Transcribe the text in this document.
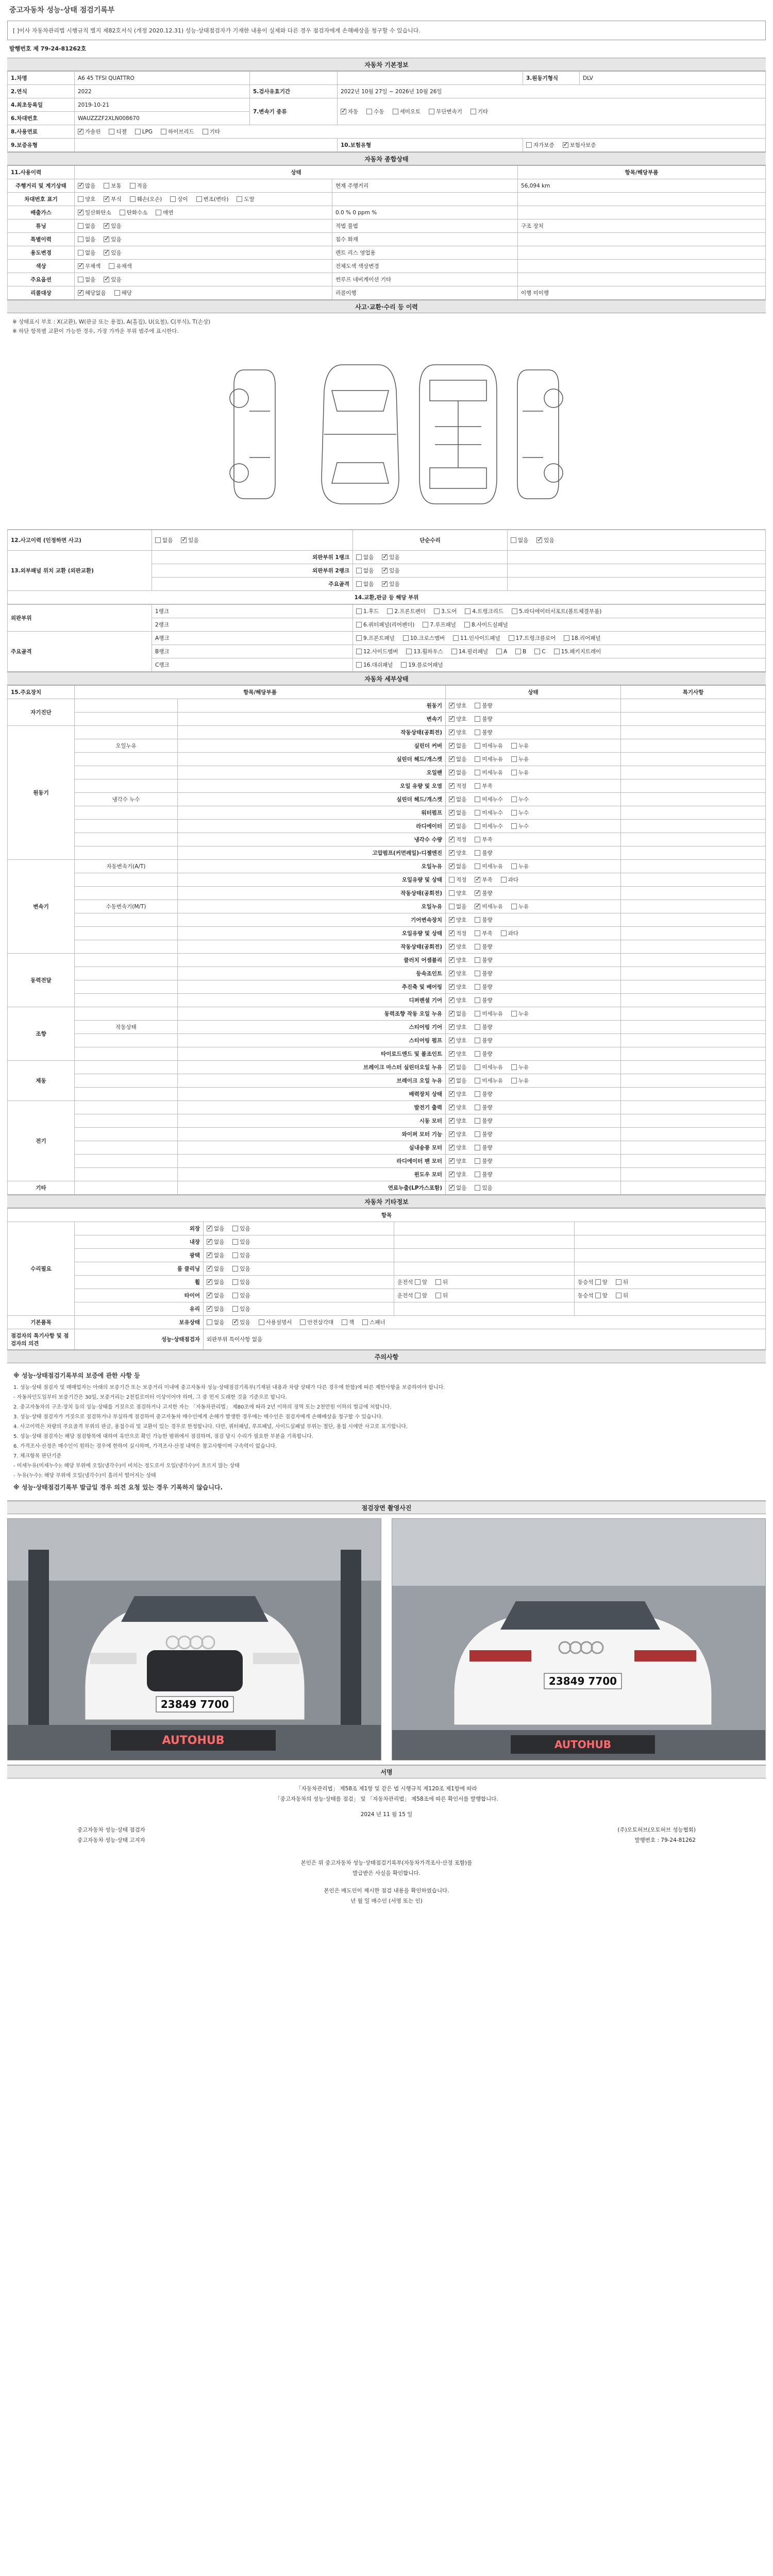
중고자동차 성능·상태 점검기록부
[ ]이사 자동차관리법 시행규칙 별지 제82호서식 (개정 2020.12.31) 성능·상태점검자가 기재한 내용이 실제와 다른 경우 점검자에게 손해배상을 청구할 수 있습니다.
발행번호 제 79-24-81262호
자동차 기본정보
1.차명	A6 45 TFSI QUATTRO			3.원동기형식	DLV
2.연식	2022	5.검사유효기간	2022년 10월 27일 ~ 2026년 10월 26일		
4.최초등록일	2019-10-21	7.변속기 종류	✓자동 수동 세미오토 무단변속기 기타
6.차대번호	WAUZZZF2XLN008670				
8.사용연료	✓가솔린 디젤 LPG 하이브리드 기타
9.보증유형			10.보험유형	자가보증 ✓ 보험사보증
자동차 종합상태
11.사용이력	상태		항목/해당부품
주행거리 및 계기상태	✓많음 보통 적음	현재 주행거리	56,094 km
차대번호 표기	양호 ✓ 부식 훼손(오손) 상이 변조(변타) 도말		
배출가스	✓일산화탄소 탄화수소 매연	0.0 % 0 ppm %	
튜닝	없음 ✓ 있음	적법 불법	구조 장치
특별이력	없음 ✓ 있음	침수 화재	
용도변경	없음 ✓ 있음	렌트 리스 영업용	
색상	✓무채색 유채색	전체도색 색상변경	
주요옵션	없음 ✓ 있음	썬루프 네비게이션 기타	
리콜대상	✓해당없음 해당	리콜이행	이행 미이행
사고·교환·수리 등 이력
※ 상태표시 부호 : X(교환), W(판금 또는 용접), A(흠집), U(요철), C(부식), T(손상)
※ 하단 항목별 교환이 가능한 경우, 가장 가까운 부위 범주에 표시한다.
12.사고이력 (인정하면 사고)	없음 ✓ 있음	단순수리	없음 ✓ 있음
13.외부패널 위치 교환 (외판교환)	외판부위 1랭크	없음 ✓ 있음	
	외판부위 2랭크	없음 ✓ 있음	
	주요골격	없음 ✓ 있음	
14.교환,판금 등 해당 부위			
외판부위	1랭크	1.후드 2.프론트펜더 3.도어 4.트렁크리드 5.라디에이터서포트(볼트체결부품)
	2랭크	6.쿼터패널(리어펜더) 7.루프패널 8.사이드실패널
주요골격	A랭크	9.프론트패널 10.크로스멤버 11.인사이드패널 17.트렁크플로어 18.리어패널
	B랭크	12.사이드멤버 13.휠하우스 14.필러패널 A B C 15.패키지트레이
	C랭크	16.대쉬패널 19.플로어패널
자동차 세부상태
15.주요장치	항목/해당부품		상태	특기사항
자기진단		원동기	✓양호 불량	
		변속기	✓양호 불량	
원동기		작동상태(공회전)	✓양호 불량	
	오일누유	실린더 커버	✓없음 미세누유 누유	
		실린더 헤드/개스켓	✓없음 미세누유 누유	
		오일팬	✓없음 미세누유 누유	
		오일 유량 및 오염	✓적정 부족	
	냉각수 누수	실린더 헤드/개스켓	✓없음 미세누수 누수	
		워터펌프	✓없음 미세누수 누수	
		라디에이터	✓없음 미세누수 누수	
		냉각수 수량	✓적정 부족	
		고압펌프(커먼레일)-디젤엔진	✓양호 불량	
변속기	자동변속기(A/T)	오일누유	✓없음 미세누유 누유	
		오일유량 및 상태	적정 ✓ 부족 과다	
		작동상태(공회전)	양호 ✓ 불량	
	수동변속기(M/T)	오일누유	없음 ✓ 미세누유 누유	
		기어변속장치	✓양호 불량	
		오일유량 및 상태	✓적정 부족 과다	
		작동상태(공회전)	✓양호 불량	
동력전달		클러치 어셈블리	✓양호 불량	
		등속조인트	✓양호 불량	
		추진축 및 베어링	✓양호 불량	
		디퍼렌셜 기어	✓양호 불량	
조향		동력조향 작동 오일 누유	✓없음 미세누유 누유	
	작동상태	스티어링 기어	✓양호 불량	
		스티어링 펌프	✓양호 불량	
		타이로드엔드 및 볼조인트	✓양호 불량	
제동		브레이크 마스터 실린더오일 누유	✓없음 미세누유 누유	
		브레이크 오일 누유	✓없음 미세누유 누유	
		배력장치 상태	✓양호 불량	
전기		발전기 출력	✓양호 불량	
		시동 모터	✓양호 불량	
		와이퍼 모터 기능	✓양호 불량	
		실내송풍 모터	✓양호 불량	
		라디에이터 팬 모터	✓양호 불량	
		윈도우 모터	✓양호 불량	
기타		연료누출(LP가스포함)	✓없음 있음	
자동차 기타정보
항목				
수리필요	외장	✓없음 있음		
	내장	✓없음 있음		
	광택	✓없음 있음		
	룸 클리닝	✓없음 있음		
	휠	✓없음 있음	운전석 앞 뒤	동승석 앞 뒤
	타이어	✓없음 있음	운전석 앞 뒤	동승석 앞 뒤
	유리	✓없음 있음		
기본품목	보유상태	없음 ✓ 있음 사용설명서 안전삼각대 잭 스패너
점검자의 특기사항 및 점검자의 의견	성능·상태점검자	외판부위 특이사항 없음		
주의사항
※ 성능·상태점검기록부의 보증에 관한 사항 등

1. 성능·상태 점검자 및 매매업자는 아래의 보증기간 또는 보증거리 이내에 중고자동차 성능·상태점검기록부(기재된 내용과 차량 상태가 다른 경우에 한함)에 따른 제한사항을 보증하여야 합니다.

- 자동차인도일부터 보증기간은 30일, 보증거리는 2천킬로미터 이상이어야 하며, 그 중 먼저 도래한 것을 기준으로 합니다.

2. 중고자동차의 구조·장치 등의 성능·상태를 거짓으로 점검하거나 고지한 자는 「자동차관리법」 제80조에 따라 2년 이하의 징역 또는 2천만원 이하의 벌금에 처합니다.

3. 성능·상태 점검자가 거짓으로 점검하거나 부실하게 점검하여 중고자동차 매수인에게 손해가 발생한 경우에는 매수인은 점검자에게 손해배상을 청구할 수 있습니다.

4. 사고이력은 차량의 주요골격 부위의 판금, 용접수리 및 교환이 있는 경우로 한정합니다. 다만, 쿼터패널, 루프패널, 사이드실패널 부위는 절단, 용접 시에만 사고로 표기합니다.

5. 성능·상태 점검자는 해당 점검항목에 대하여 육안으로 확인 가능한 범위에서 점검하며, 점검 당시 수리가 필요한 부분을 기록합니다.

6. 가격조사·산정은 매수인이 원하는 경우에 한하여 실시하며, 가격조사·산정 내역은 참고사항이며 구속력이 없습니다.

7. 체크항목 판단기준

- 미세누유(미세누수): 해당 부위에 오일(냉각수)이 비치는 정도로서 오일(냉각수)이 흐르지 않는 상태

- 누유(누수): 해당 부위에 오일(냉각수)이 흘러서 떨어지는 상태

※ 성능·상태점검기록부 발급일 경우 의견 요청 있는 경우 기록하지 않습니다.
점검장면 촬영사진
AUTOHUB
23849 7700
AUTOHUB
23849 7700
서명
「자동차관리법」 제58조 제1항 및 같은 법 시행규칙 제120조 제1항에 따라
「중고자동차의 성능·상태를 점검」 및 「자동차관리법」 제58조에 따른 확인서를 발행합니다.
2024 년 11 월 15 일
중고자동차 성능·상태 점검자	(주)오토허브(오토허브 성능협회)
중고자동차 성능·상태 고지자	발행번호 : 79-24-81262
본인은 위 중고자동차 성능·상태점검기록부(자동차가격조사·산정 포함)를
발급받은 사실을 확인합니다.
본인은 매도인이 제시한 점검 내용을 확인하였습니다.
년 월 일 매수인 (서명 또는 인)
